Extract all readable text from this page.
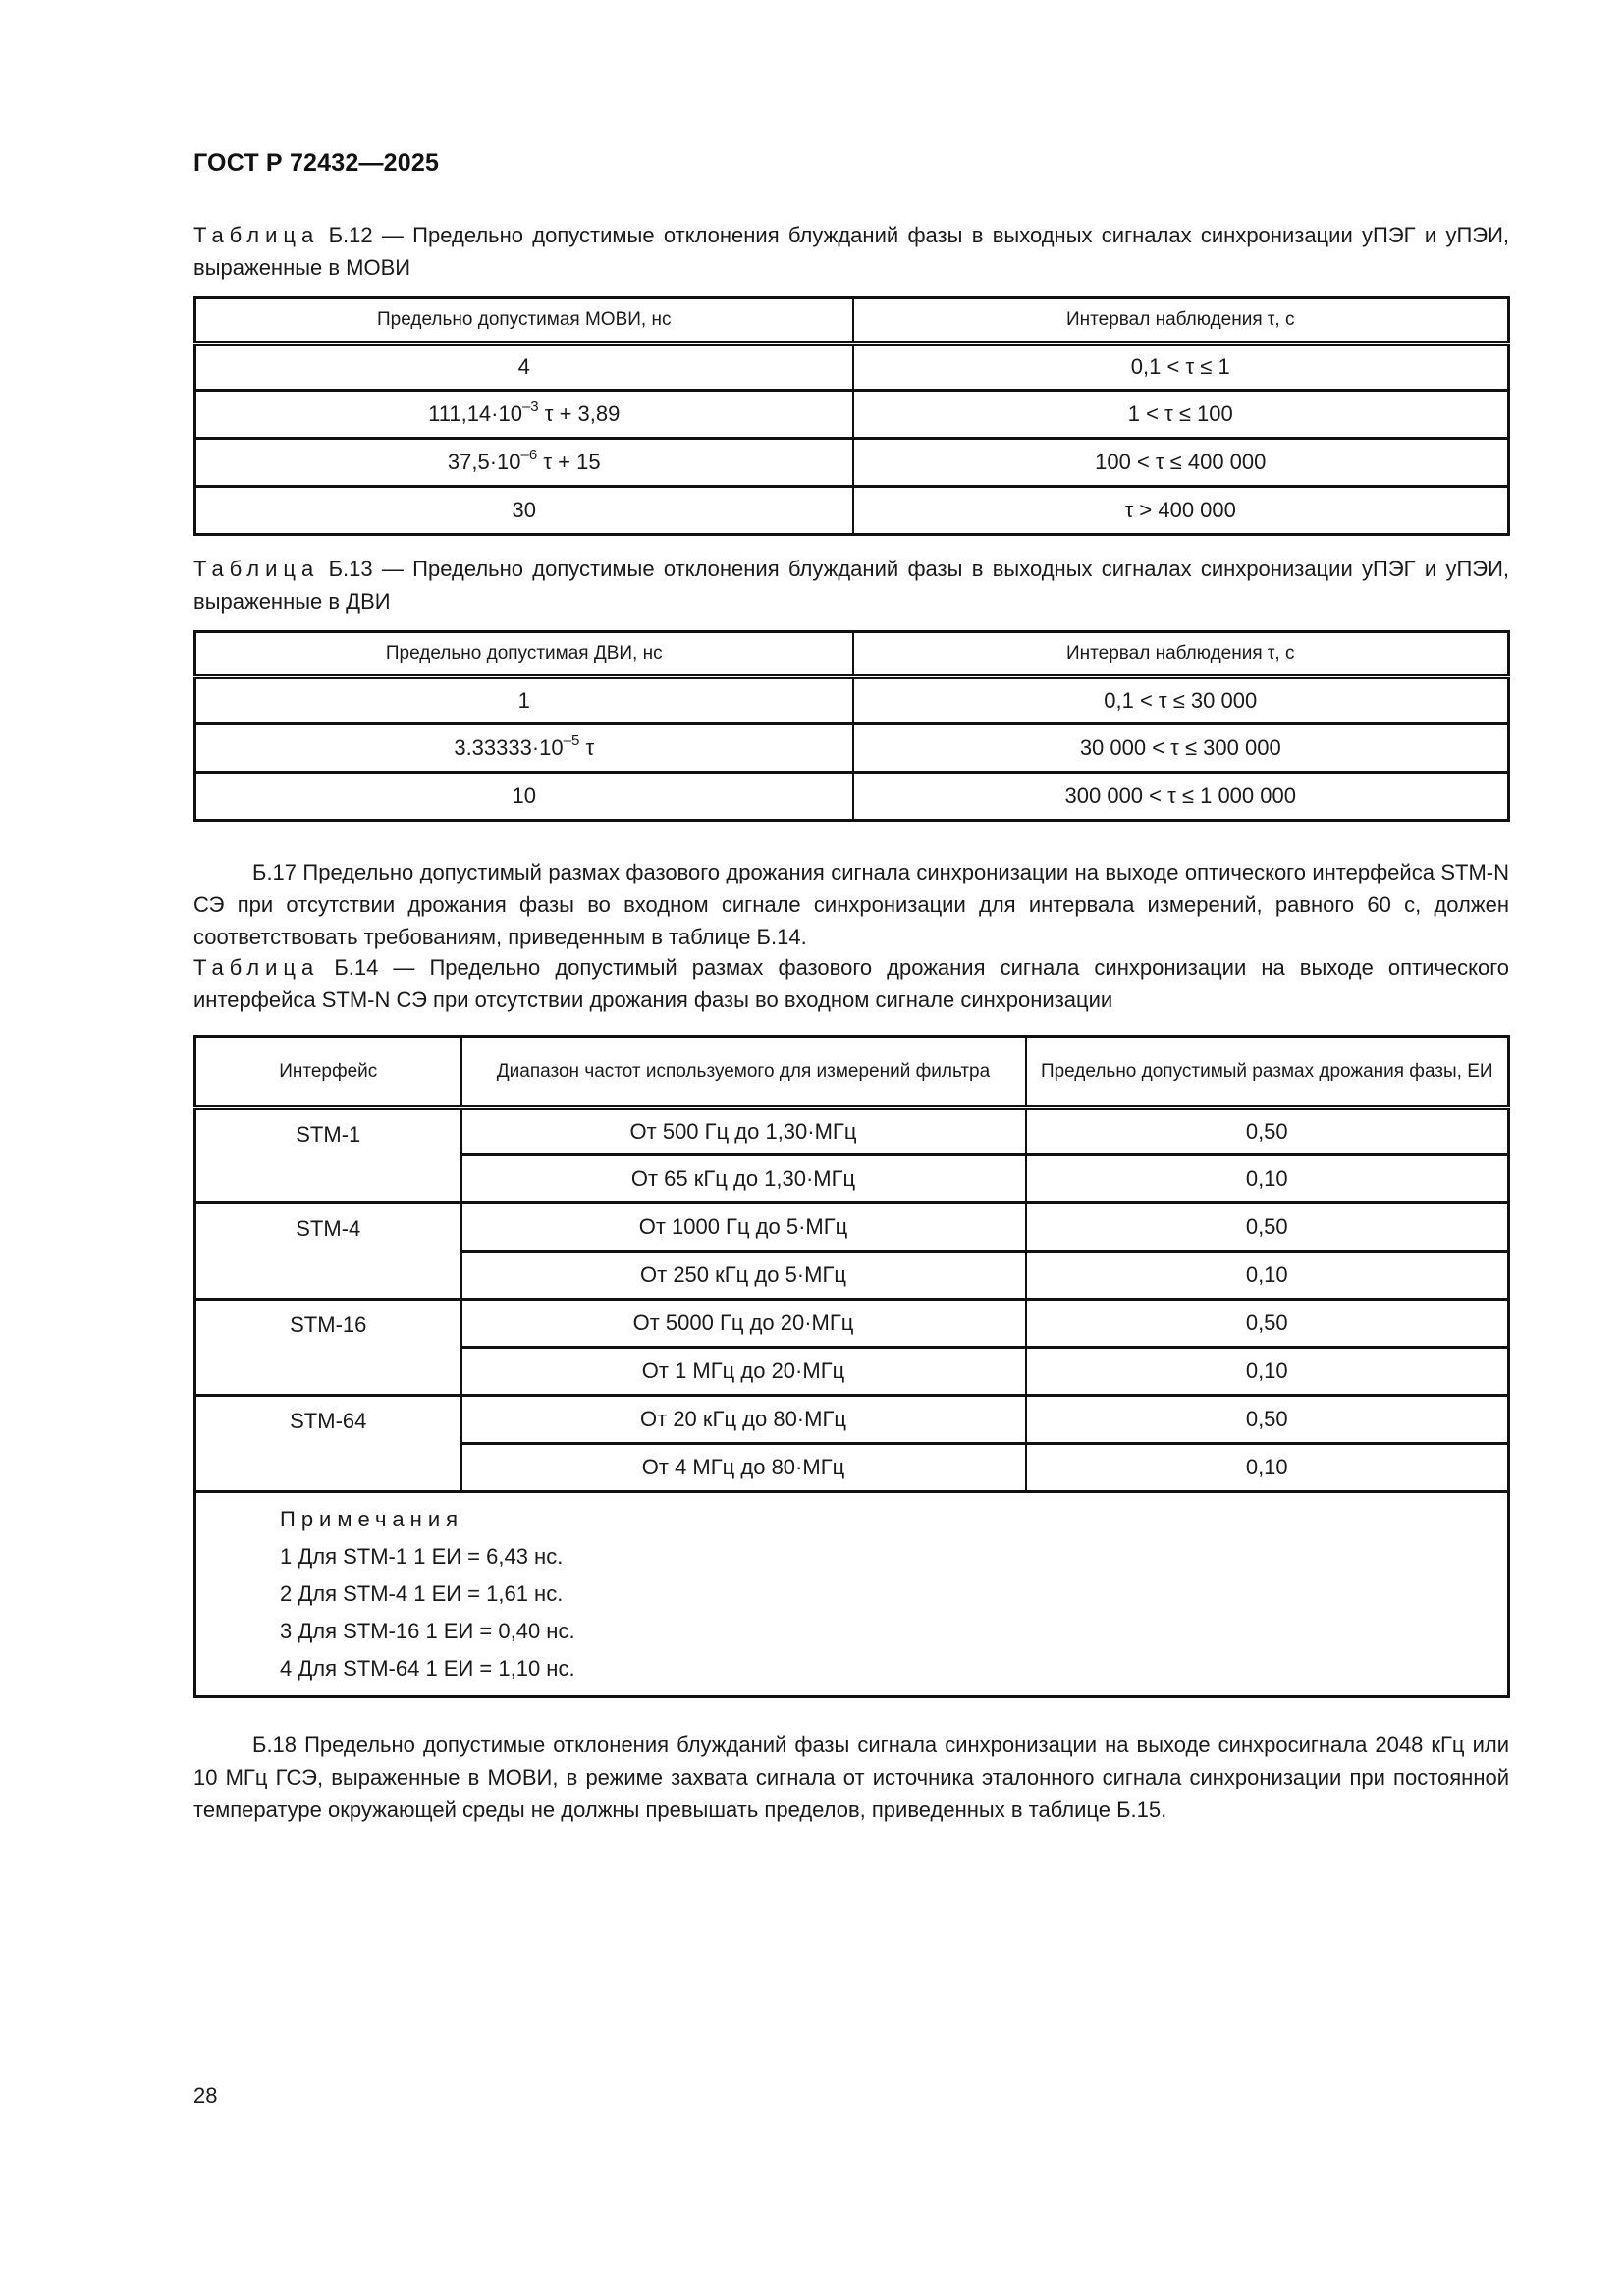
ГОСТ Р 72432—2025
Таблица Б.12 — Предельно допустимые отклонения блужданий фазы в выходных сигналах синхронизации уПЭГ и уПЭИ, выраженные в МОВИ
Предельно допустимая МОВИ, нс	Интервал наблюдения τ, с
4	0,1 < τ ≤ 1
$111,14\cdot 10^{-3}$ τ + 3,89	1 < τ ≤ 100
$37,5\cdot 10^{-6}$ τ + 15	100 < τ ≤ 400 000
30	τ > 400 000
Таблица Б.13 — Предельно допустимые отклонения блужданий фазы в выходных сигналах синхронизации уПЭГ и уПЭИ, выраженные в ДВИ
Предельно допустимая ДВИ, нс	Интервал наблюдения τ, с
1	0,1 < τ ≤ 30 000
$3.33333\cdot 10^{-5}$ τ	30 000 < τ ≤ 300 000
10	300 000 < τ ≤ 1 000 000
Б.17 Предельно допустимый размах фазового дрожания сигнала синхронизации на выходе оптического интерфейса STM-N СЭ при отсутствии дрожания фазы во входном сигнале синхронизации для интервала измерений, равного 60 с, должен соответствовать требованиям, приведенным в таблице Б.14.
Таблица Б.14 — Предельно допустимый размах фазового дрожания сигнала синхронизации на выходе оптического интерфейса STM-N СЭ при отсутствии дрожания фазы во входном сигнале синхронизации
Интерфейс	Диапазон частот используемого для измерений фильтра	Предельно допустимый размах дрожания фазы, ЕИ
STM-1	От 500 Гц до 1,30·МГц	0,50
	От 65 кГц до 1,30·МГц	0,10
STM-4	От 1000 Гц до 5·МГц	0,50
	От 250 кГц до 5·МГц	0,10
STM-16	От 5000 Гц до 20·МГц	0,50
	От 1 МГц до 20·МГц	0,10
STM-64	От 20 кГц до 80·МГц	0,50
	От 4 МГц до 80·МГц	0,10

Примечания
1 Для STM-1 1 ЕИ = 6,43 нс.
2 Для STM-4 1 ЕИ = 1,61 нс.
3 Для STM-16 1 ЕИ = 0,40 нс.
4 Для STM-64 1 ЕИ = 1,10 нс.		
Б.18 Предельно допустимые отклонения блужданий фазы сигнала синхронизации на выходе синхросигнала 2048 кГц или 10 МГц ГСЭ, выраженные в МОВИ, в режиме захвата сигнала от источника эталонного сигнала синхронизации при постоянной температуре окружающей среды не должны превышать пределов, приведенных в таблице Б.15.
28
